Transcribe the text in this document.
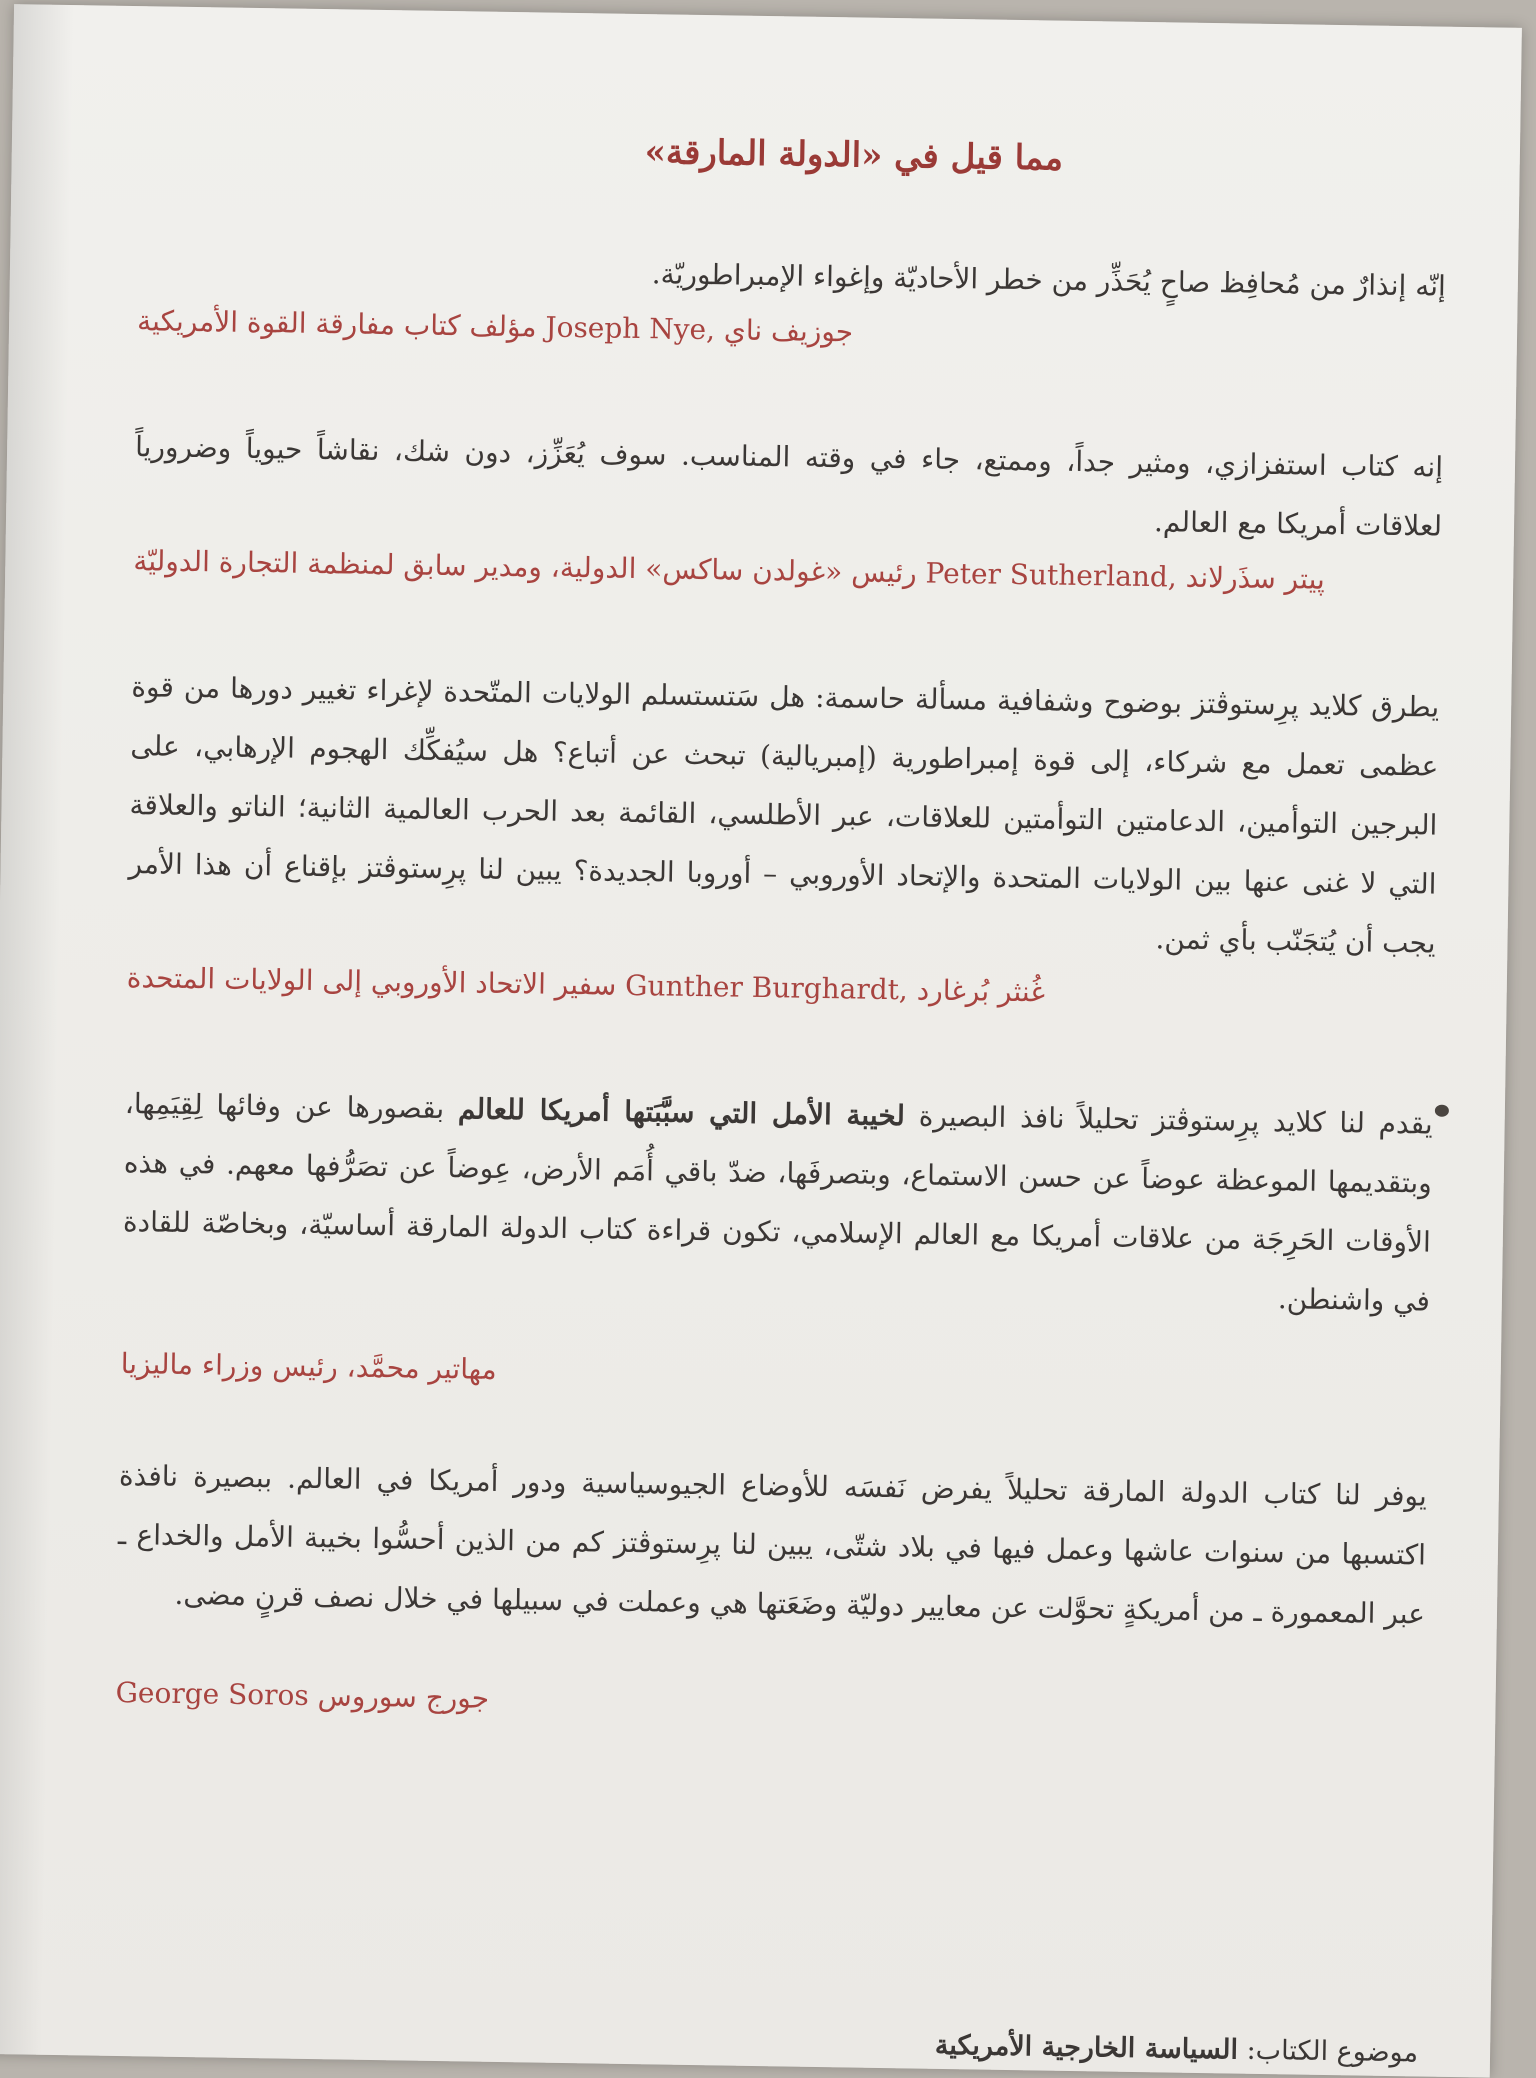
مما قيل في «الدولة المارقة»

إنّه إنذارٌ من مُحافِظ صاحٍ يُحَذِّر من خطر الأحاديّة وإغواء الإمبراطوريّة.

جوزيف ناي ,Joseph Nye مؤلف كتاب مفارقة القوة الأمريكية

إنه كتاب استفزازي، ومثير جداً، وممتع، جاء في وقته المناسب. سوف يُعَزِّز، دون شك، نقاشاً حيوياً وضرورياً لعلاقات أمريكا مع العالم.

پيتر سذَرلاند ,Peter Sutherland رئيس «غولدن ساكس» الدولية، ومدير سابق لمنظمة التجارة الدوليّة

يطرق كلايد پرِستوڤتز بوضوح وشفافية مسألة حاسمة: هل سَتستسلم الولايات المتّحدة لإغراء تغيير دورها من قوة عظمى تعمل مع شركاء، إلى قوة إمبراطورية (إمبريالية) تبحث عن أتباع؟ هل سيُفكِّك الهجوم الإرهابي، على البرجين التوأمين، الدعامتين التوأمتين للعلاقات، عبر الأطلسي، القائمة بعد الحرب العالمية الثانية؛ الناتو والعلاقة التي لا غنى عنها بين الولايات المتحدة والإتحاد الأوروبي – أوروبا الجديدة؟ يبين لنا پرِستوڤتز بإقناع أن هذا الأمر يجب أن يُتجَنّب بأي ثمن.

غُنثر بُرغارد ,Gunther Burghardt سفير الاتحاد الأوروبي إلى الولايات المتحدة

يقدم لنا كلايد پرِستوڤتز تحليلاً نافذ البصيرة لخيبة الأمل التي سبَّبَتها أمريكا للعالم بقصورها عن وفائها لِقِيَمِها، وبتقديمها الموعظة عوضاً عن حسن الاستماع، وبتصرفَها، ضدّ باقي أُمَم الأرض، عِوضاً عن تصَرُّفها معهم. في هذه الأوقات الحَرِجَة من علاقات أمريكا مع العالم الإسلامي، تكون قراءة كتاب الدولة المارقة أساسيّة، وبخاصّة للقادة في واشنطن.

مهاتير محمَّد، رئيس وزراء ماليزيا

يوفر لنا كتاب الدولة المارقة تحليلاً يفرض نَفسَه للأوضاع الجيوسياسية ودور أمريكا في العالم. ببصيرة نافذة اكتسبها من سنوات عاشها وعمل فيها في بلاد شتّى، يبين لنا پرِستوڤتز كم من الذين أحسُّوا بخيبة الأمل والخداع ـ عبر المعمورة ـ من أمريكةٍ تحوَّلت عن معايير دوليّة وضَعَتها هي وعملت في سبيلها في خلال نصف قرنٍ مضى.

جورج سوروس George Soros

موضوع الكتاب: السياسة الخارجية الأمريكية
